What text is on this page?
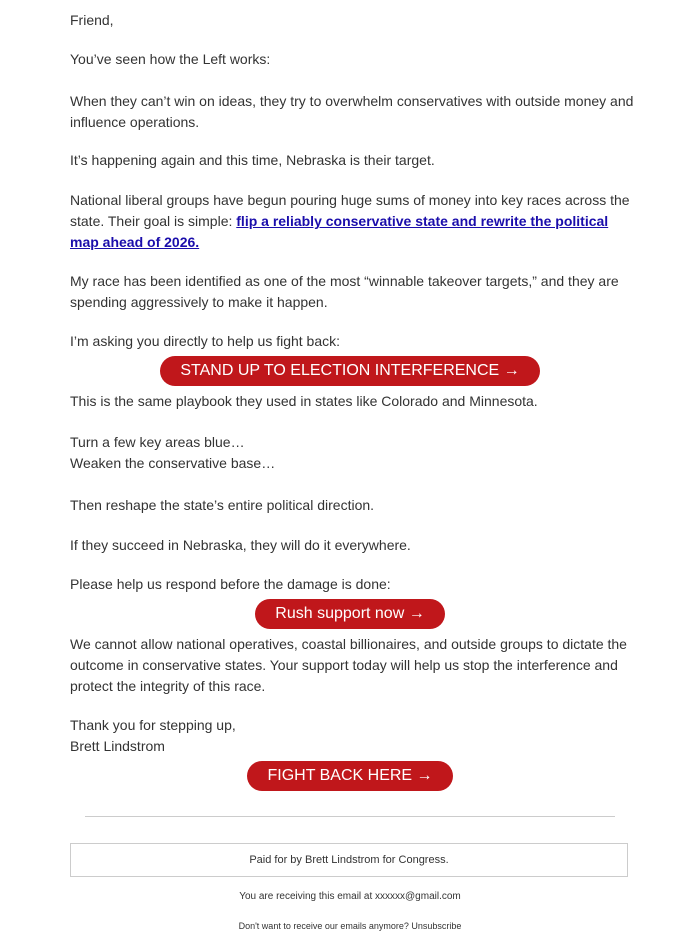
Friend,

You’ve seen how the Left works:

When they can’t win on ideas, they try to overwhelm conservatives with outside money and influence operations.

It’s happening again and this time, Nebraska is their target.

National liberal groups have begun pouring huge sums of money into key races across the state. Their goal is simple: flip a reliably conservative state and rewrite the political map ahead of 2026.

My race has been identified as one of the most “winnable takeover targets,” and they are spending aggressively to make it happen.

I’m asking you directly to help us fight back:

STAND UP TO ELECTION INTERFERENCE →

This is the same playbook they used in states like Colorado and Minnesota.

Turn a few key areas blue…

Weaken the conservative base…

Then reshape the state’s entire political direction.

If they succeed in Nebraska, they will do it everywhere.

Please help us respond before the damage is done:

Rush support now →

We cannot allow national operatives, coastal billionaires, and outside groups to dictate the outcome in conservative states. Your support today will help us stop the interference and protect the integrity of this race.

Thank you for stepping up,

Brett Lindstrom

FIGHT BACK HERE →
Paid for by Brett Lindstrom for Congress.
You are receiving this email at xxxxxx@gmail.com
Don't want to receive our emails anymore? Unsubscribe
